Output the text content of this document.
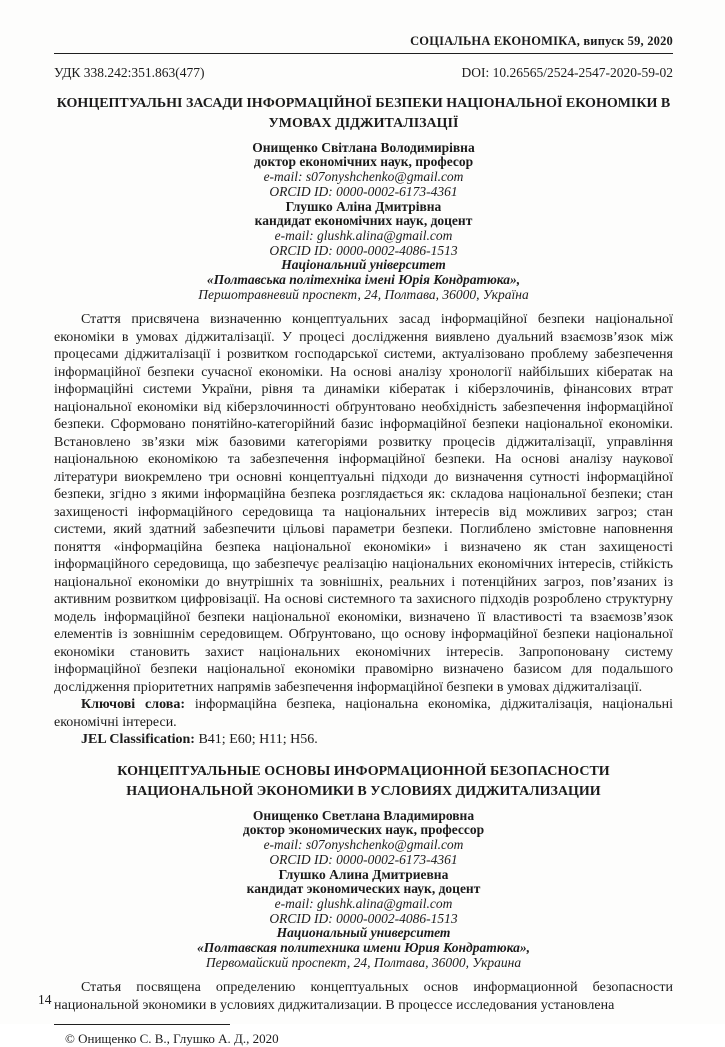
СОЦІАЛЬНА ЕКОНОМІКА, випуск 59, 2020
УДК 338.242:351.863(477)	DOI: 10.26565/2524-2547-2020-59-02
КОНЦЕПТУАЛЬНІ ЗАСАДИ ІНФОРМАЦІЙНОЇ БЕЗПЕКИ НАЦІОНАЛЬНОЇ ЕКОНОМІКИ В УМОВАХ ДІДЖИТАЛІЗАЦІЇ
Онищенко Світлана Володимирівна
доктор економічних наук, професор
e-mail: s07onyshchenko@gmail.com
ORCID ID: 0000-0002-6173-4361
Глушко Аліна Дмитрівна
кандидат економічних наук, доцент
e-mail: glushk.alina@gmail.com
ORCID ID: 0000-0002-4086-1513
Національний університет
«Полтавська політехніка імені Юрія Кондратюка»,
Першотравневий проспект, 24, Полтава, 36000, Україна

Стаття присвячена визначенню концептуальних засад інформаційної безпеки національної економіки в умовах діджиталізації. У процесі дослідження виявлено дуальний взаємозв’язок між процесами діджиталізації і розвитком господарської системи, актуалізовано проблему забезпечення інформаційної безпеки сучасної економіки. На основі аналізу хронології найбільших кібератак на інформаційні системи України, рівня та динаміки кібератак і кіберзлочинів, фінансових втрат національної економіки від кіберзлочинності обґрунтовано необхідність забезпечення інформаційної безпеки. Сформовано понятійно-категорійний базис інформаційної безпеки національної економіки. Встановлено зв’язки між базовими категоріями розвитку процесів діджиталізації, управління національною економікою та забезпечення інформаційної безпеки. На основі аналізу наукової літератури виокремлено три основні концептуальні підходи до визначення сутності інформаційної безпеки, згідно з якими інформаційна безпека розглядається як: складова національної безпеки; стан захищеності інформаційного середовища та національних інтересів від можливих загроз; стан системи, який здатний забезпечити цільові параметри безпеки. Поглиблено змістовне наповнення поняття «інформаційна безпека національної економіки» і визначено як стан захищеності інформаційного середовища, що забезпечує реалізацію національних економічних інтересів, стійкість національної економіки до внутрішніх та зовнішніх, реальних і потенційних загроз, пов’язаних із активним розвитком цифровізації. На основі системного та захисного підходів розроблено структурну модель інформаційної безпеки національної економіки, визначено її властивості та взаємозв’язок елементів із зовнішнім середовищем. Обґрунтовано, що основу інформаційної безпеки національної економіки становить захист національних економічних інтересів. Запропоновану систему інформаційної безпеки національної економіки правомірно визначено базисом для подальшого дослідження пріоритетних напрямів забезпечення інформаційної безпеки в умовах діджиталізації.

Ключові слова: інформаційна безпека, національна економіка, діджиталізація, національні економічні інтереси.

JEL Classification: B41; E60; H11; H56.

КОНЦЕПТУАЛЬНЫЕ ОСНОВЫ ИНФОРМАЦИОННОЙ БЕЗОПАСНОСТИ НАЦИОНАЛЬНОЙ ЭКОНОМИКИ В УСЛОВИЯХ ДИДЖИТАЛИЗАЦИИ
Онищенко Светлана Владимировна
доктор экономических наук, профессор
e-mail: s07onyshchenko@gmail.com
ORCID ID: 0000-0002-6173-4361
Глушко Алина Дмитриевна
кандидат экономических наук, доцент
e-mail: glushk.alina@gmail.com
ORCID ID: 0000-0002-4086-1513
Национальный университет
«Полтавская политехника имени Юрия Кондратюка»,
Первомайский проспект, 24, Полтава, 36000, Украина

Статья посвящена определению концептуальных основ информационной безопасности национальной экономики в условиях диджитализации. В процессе исследования установлена

© Онищенко С. В., Глушко А. Д., 2020
14
